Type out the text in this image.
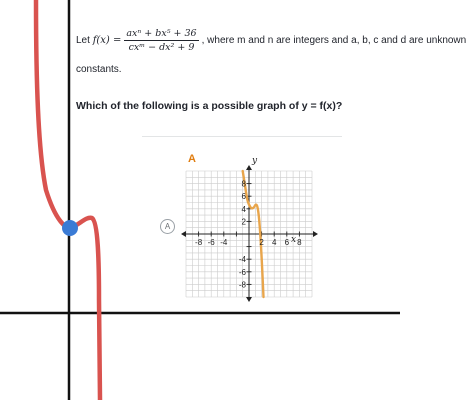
Let
$f(x) = \frac{\text{axⁿ + bx⁵ + 36}}{\text{cxᵐ − dx² + 9}}$ , where m and n are integers and a, b, c and d are unknown
constants.
Which of the following is a possible graph of y = f(x)?
A
A
y
-8 -6 -4	2 4 6 8
8
6
4
2
-4
-6
-8
x
